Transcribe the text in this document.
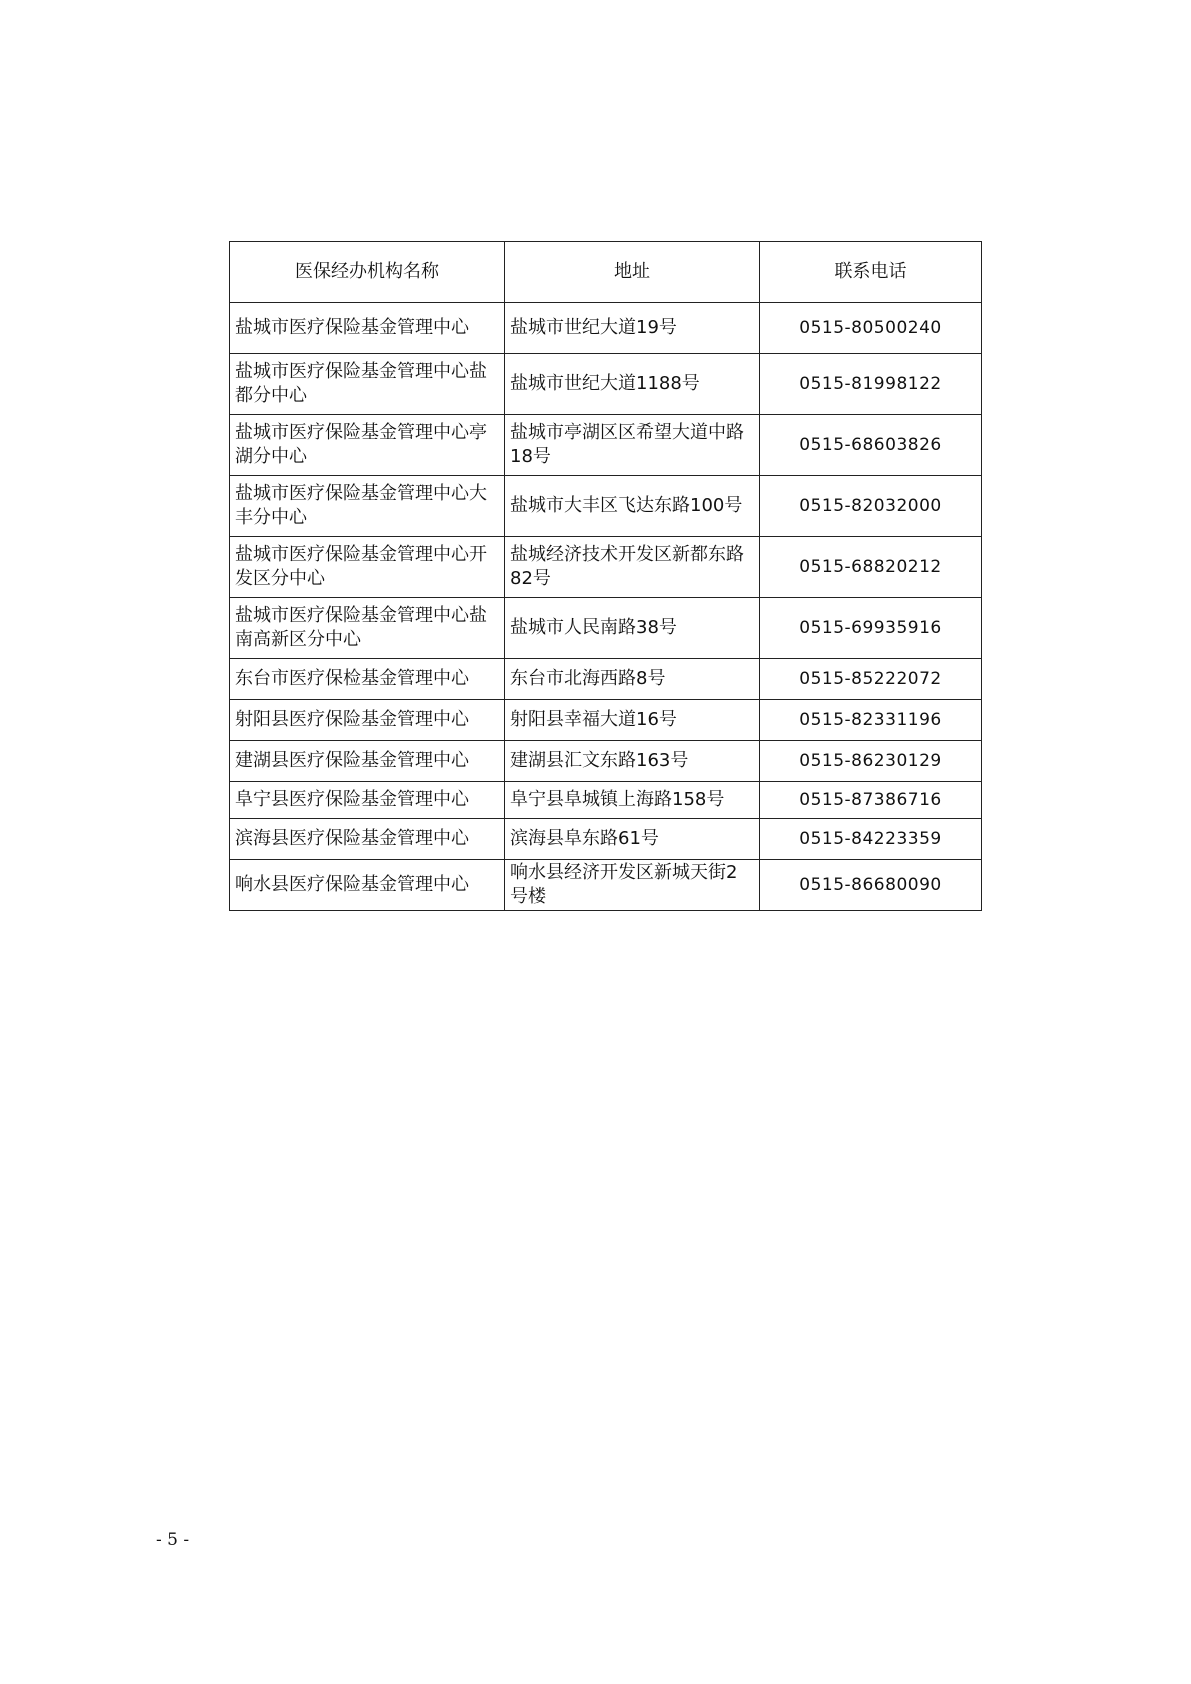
医保经办机构名称	地址	联系电话
盐城市医疗保险基金管理中心	盐城市世纪大道19号	0515-80500240
盐城市医疗保险基金管理中心盐都分中心	盐城市世纪大道1188号	0515-81998122
盐城市医疗保险基金管理中心亭湖分中心	盐城市亭湖区区希望大道中路18号	0515-68603826
盐城市医疗保险基金管理中心大丰分中心	盐城市大丰区飞达东路100号	0515-82032000
盐城市医疗保险基金管理中心开发区分中心	盐城经济技术开发区新都东路82号	0515-68820212
盐城市医疗保险基金管理中心盐南高新区分中心	盐城市人民南路38号	0515-69935916
东台市医疗保检基金管理中心	东台市北海西路8号	0515-85222072
射阳县医疗保险基金管理中心	射阳县幸福大道16号	0515-82331196
建湖县医疗保险基金管理中心	建湖县汇文东路163号	0515-86230129
阜宁县医疗保险基金管理中心	阜宁县阜城镇上海路158号	0515-87386716
滨海县医疗保险基金管理中心	滨海县阜东路61号	0515-84223359
响水县医疗保险基金管理中心	响水县经济开发区新城天街2号楼	0515-86680090
- 5 -
